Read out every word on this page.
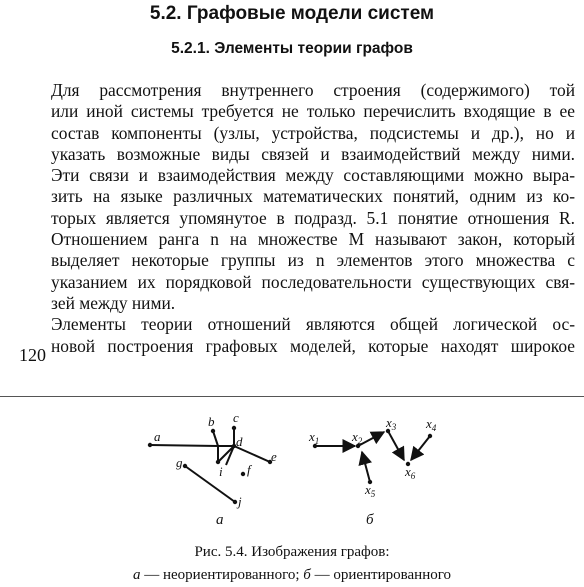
5.2. Графовые модели систем
5.2.1. Элементы теории графов

Для рассмотрения внутреннего строения (содержимого) той
или иной системы требуется не только перечислить входящие в ее
состав компоненты (узлы, устройства, подсистемы и др.), но и
указать возможные виды связей и взаимодействий между ними.
Эти связи и взаимодействия между составляющими можно выра-
зить на языке различных математических понятий, одним из ко-
торых является упомянутое в подразд. 5.1 понятие отношения R.
Отношением ранга n на множестве M называют закон, который
выделяет некоторые группы из n элементов этого множества с
указанием их порядковой последовательности существующих свя-
зей между ними.

Элементы теории отношений являются общей логической ос-
новой построения графовых моделей, которые находят широкое

120
a
b c
d
e
f
g
i
j
а
$x_1$	$x_2$
$x_3$ $x_4$
$x_5$
$x_6$
б
Рис. 5.4. Изображения графов:
а — неориентированного; б — ориентированного
